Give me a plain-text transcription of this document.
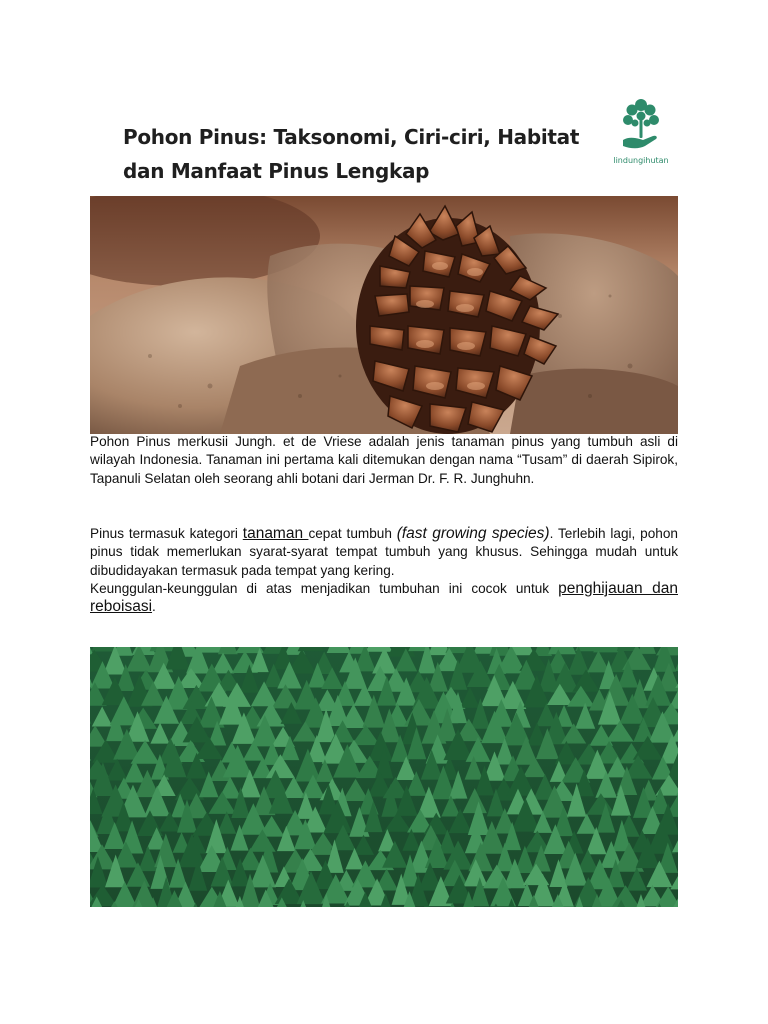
Pohon Pinus: Taksonomi, Ciri-ciri, Habitat dan Manfaat Pinus Lengkap	lindungihutan

Pohon Pinus merkusii Jungh. et de Vriese adalah jenis tanaman pinus yang tumbuh asli di wilayah Indonesia. Tanaman ini pertama kali ditemukan dengan nama “Tusam” di daerah Sipirok, Tapanuli Selatan oleh seorang ahli botani dari Jerman Dr. F. R. Junghuhn.

Pinus termasuk kategori tanaman cepat tumbuh (fast growing species). Terlebih lagi, pohon pinus tidak memerlukan syarat-syarat tempat tumbuh yang khusus. Sehingga mudah untuk dibudidayakan termasuk pada tempat yang kering.

Keunggulan-keunggulan di atas menjadikan tumbuhan ini cocok untuk penghijauan dan reboisasi.
